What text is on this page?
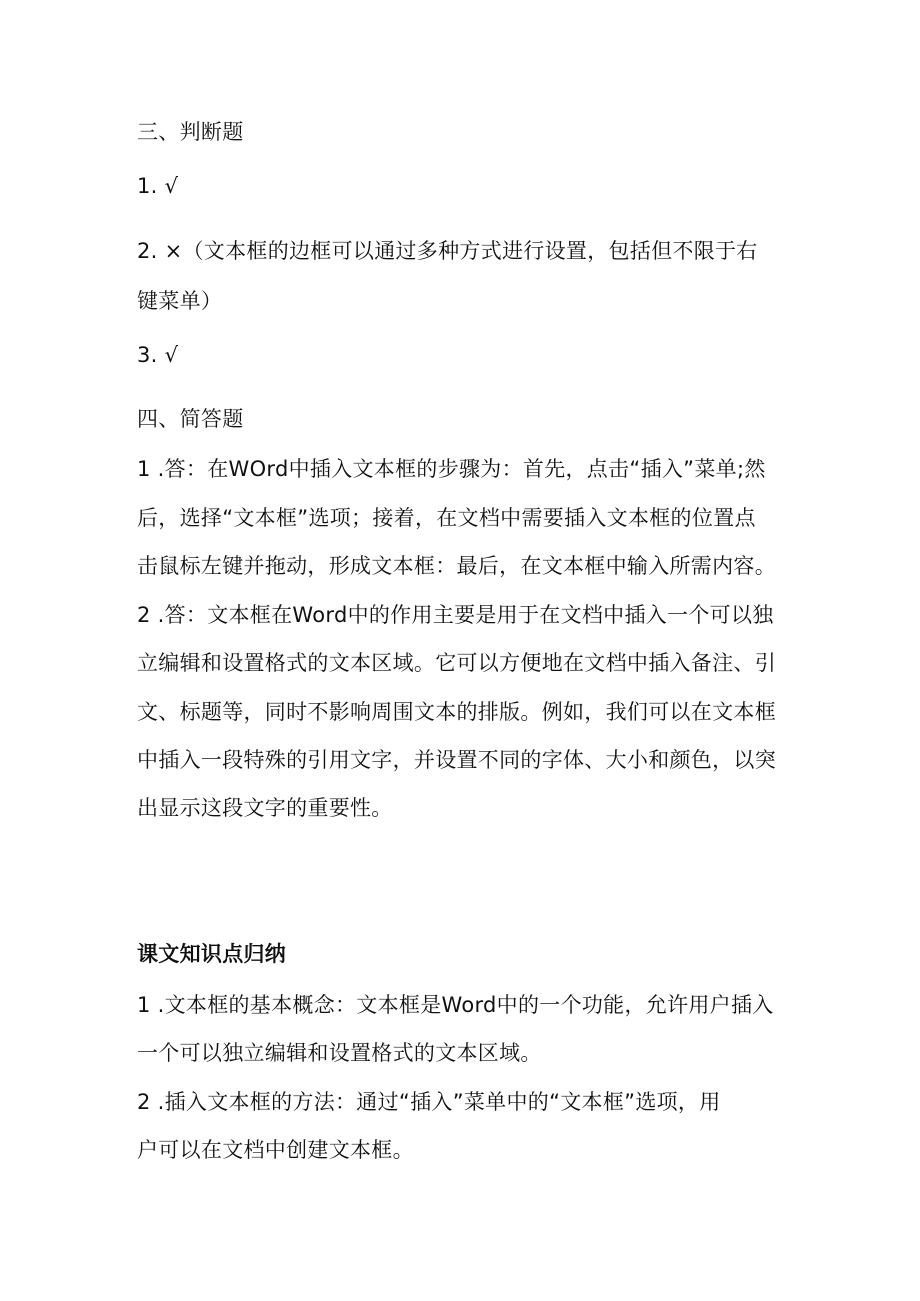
三、判断题
1. √
2. ×（文本框的边框可以通过多种方式进行设置，包括但不限于右
键菜单）
3. √
四、简答题
1 .答：在WOrd中插入文本框的步骤为：首先，点击“插入”菜单;然
后，选择“文本框”选项；接着，在文档中需要插入文本框的位置点
击鼠标左键并拖动，形成文本框：最后，在文本框中输入所需内容。
2 .答：文本框在Word中的作用主要是用于在文档中插入一个可以独
立编辑和设置格式的文本区域。它可以方便地在文档中插入备注、引
文、标题等，同时不影响周围文本的排版。例如，我们可以在文本框
中插入一段特殊的引用文字，并设置不同的字体、大小和颜色，以突
出显示这段文字的重要性。
课文知识点归纳
1 .文本框的基本概念：文本框是Word中的一个功能，允许用户插入
一个可以独立编辑和设置格式的文本区域。
2 .插入文本框的方法：通过“插入”菜单中的“文本框”选项，用
户可以在文档中创建文本框。
